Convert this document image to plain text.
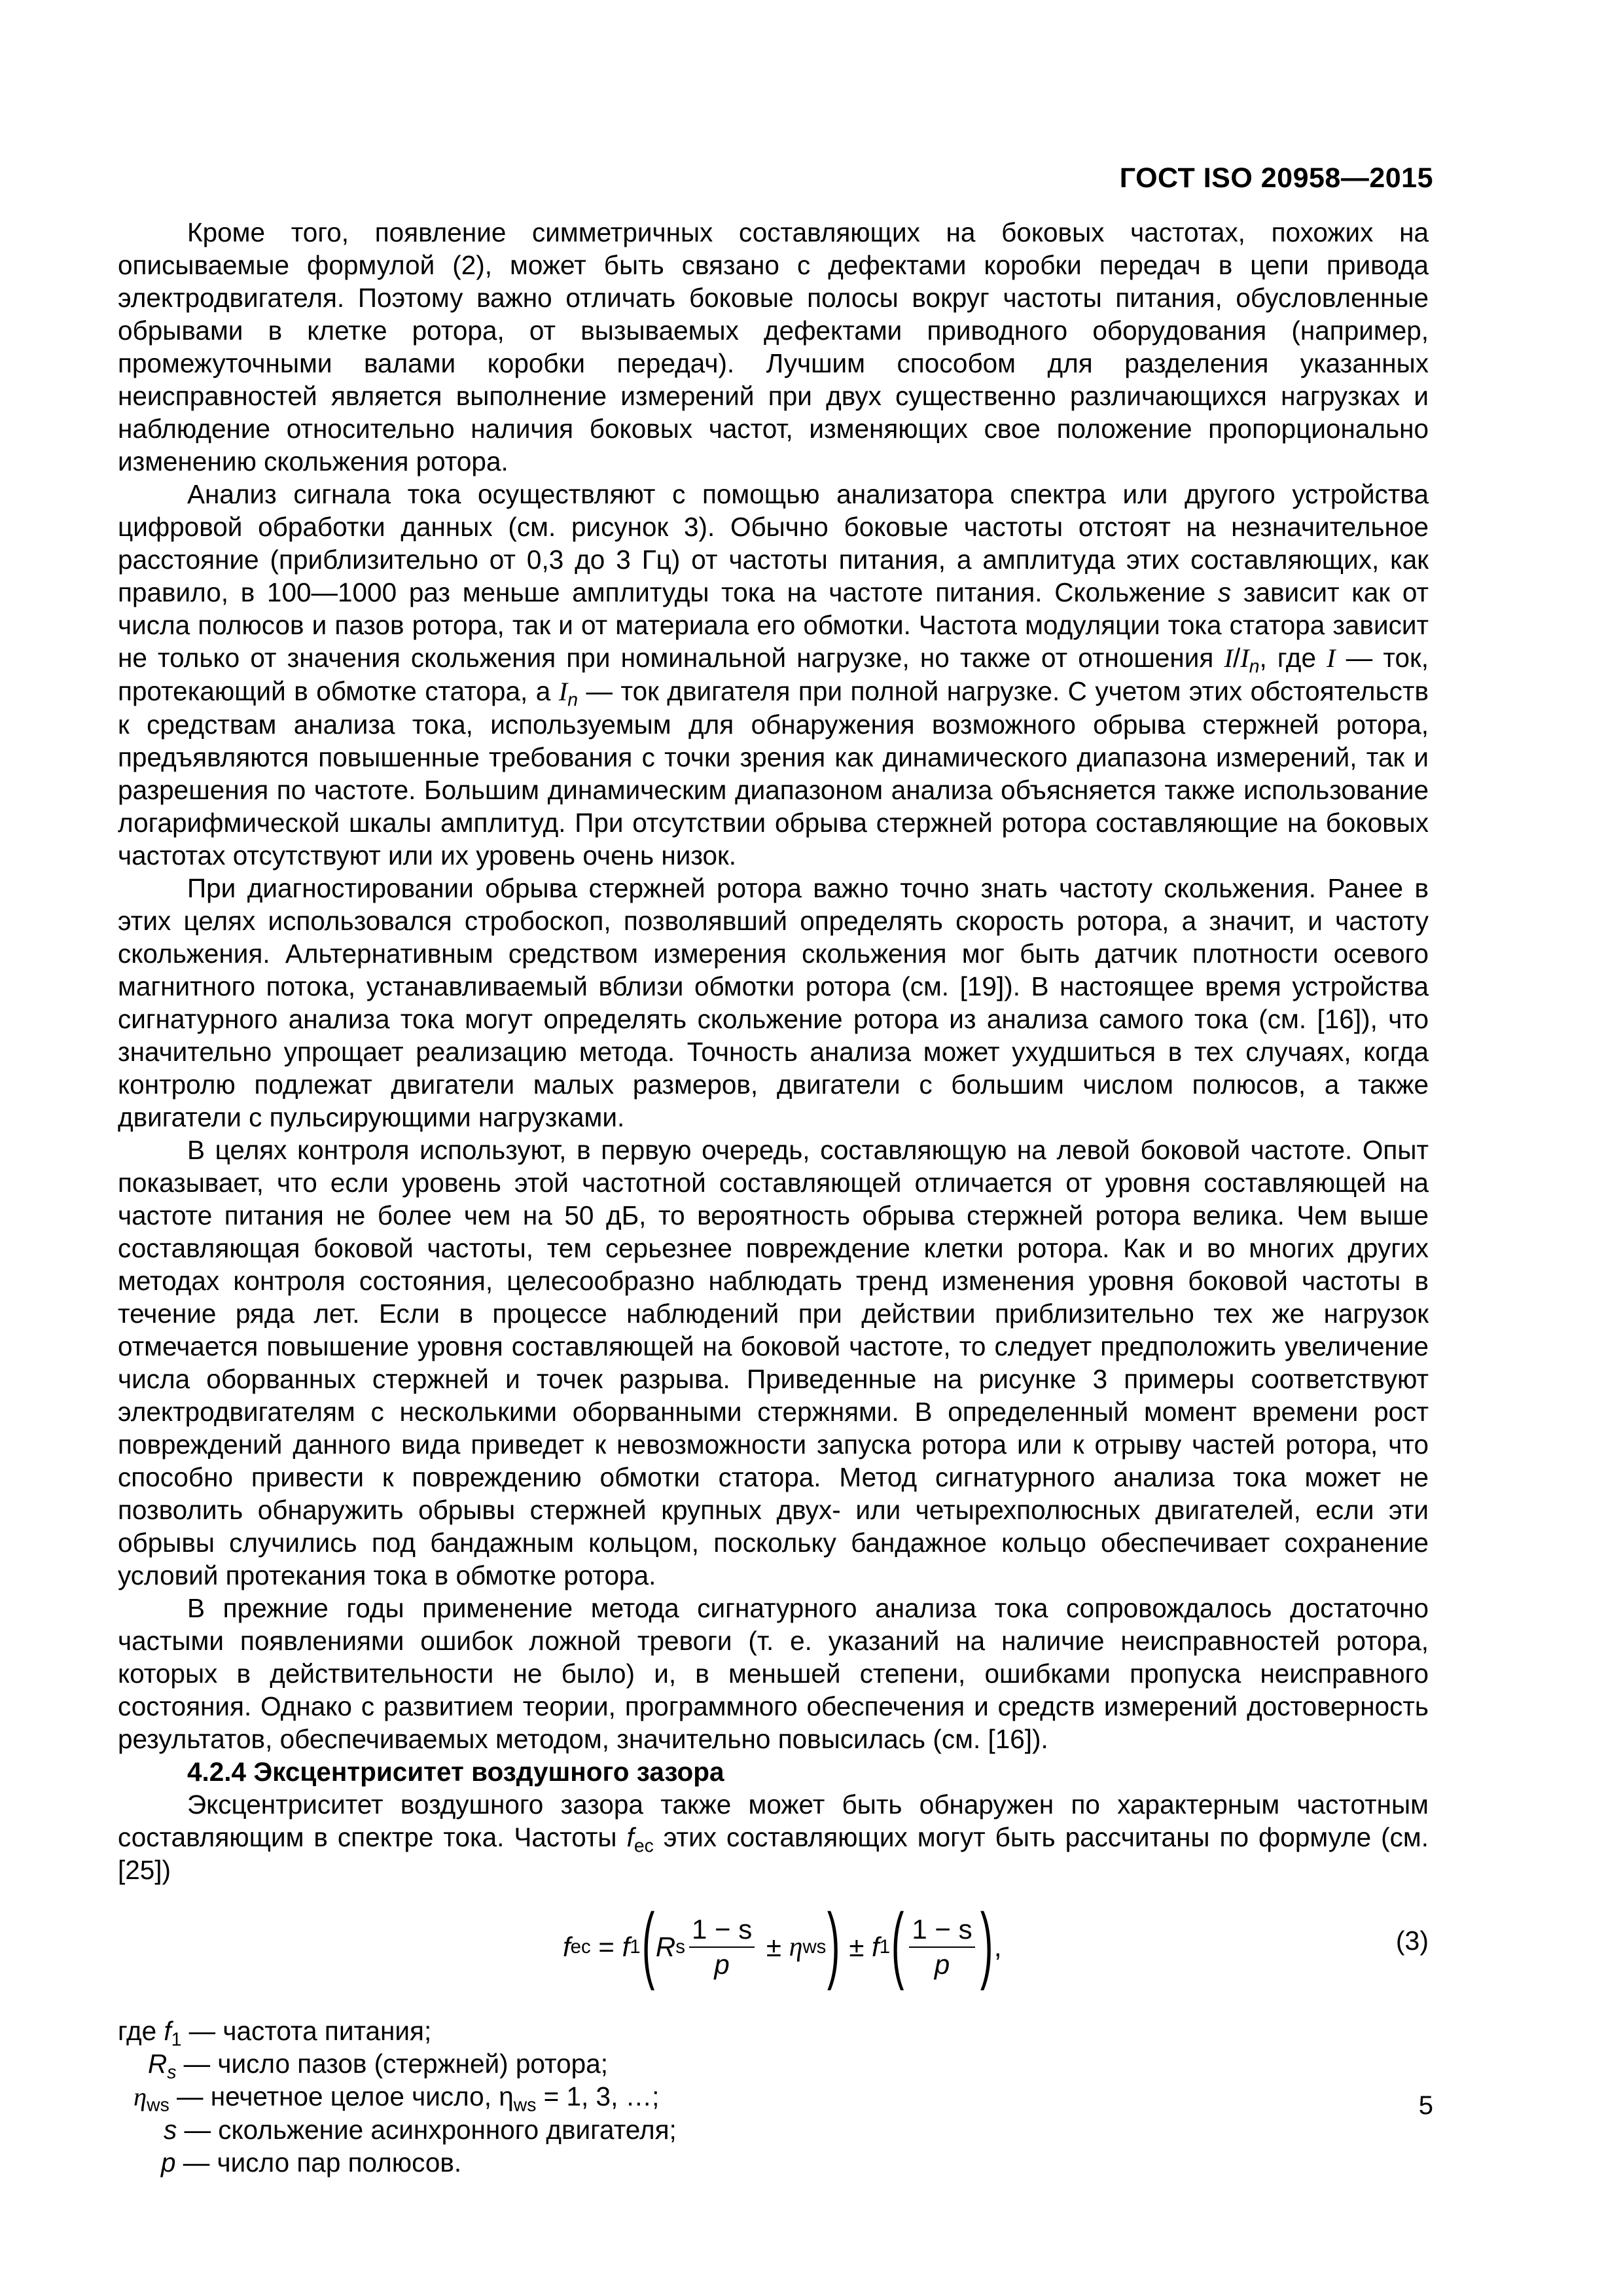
ГОСТ ISO 20958—2015

Кроме того, появление симметричных составляющих на боковых частотах, похожих на описываемые формулой (2), может быть связано с дефектами коробки передач в цепи привода электродвигателя. Поэтому важно отличать боковые полосы вокруг частоты питания, обусловленные обрывами в клетке ротора, от вызываемых дефектами приводного оборудования (например, промежуточными валами коробки передач). Лучшим способом для разделения указанных неисправностей является выполнение измерений при двух существенно различающихся нагрузках и наблюдение относительно наличия боковых частот, изменяющих свое положение пропорционально изменению скольжения ротора.

Анализ сигнала тока осуществляют с помощью анализатора спектра или другого устройства цифровой обработки данных (см. рисунок 3). Обычно боковые частоты отстоят на незначительное расстояние (приблизительно от 0,3 до 3 Гц) от частоты питания, а амплитуда этих составляющих, как правило, в 100—1000 раз меньше амплитуды тока на частоте питания. Скольжение s зависит как от числа полюсов и пазов ротора, так и от материала его обмотки. Частота модуляции тока статора зависит не только от значения скольжения при номинальной нагрузке, но также от отношения $I/I_n$, где I — ток, протекающий в обмотке статора, а $I_n$ — ток двигателя при полной нагрузке. С учетом этих обстоятельств к средствам анализа тока, используемым для обнаружения возможного обрыва стержней ротора, предъявляются повышенные требования с точки зрения как динамического диапазона измерений, так и разрешения по частоте. Большим динамическим диапазоном анализа объясняется также использование логарифмической шкалы амплитуд. При отсутствии обрыва стержней ротора составляющие на боковых частотах отсутствуют или их уровень очень низок.

При диагностировании обрыва стержней ротора важно точно знать частоту скольжения. Ранее в этих целях использовался стробоскоп, позволявший определять скорость ротора, а значит, и частоту скольжения. Альтернативным средством измерения скольжения мог быть датчик плотности осевого магнитного потока, устанавливаемый вблизи обмотки ротора (см. [19]). В настоящее время устройства сигнатурного анализа тока могут определять скольжение ротора из анализа самого тока (см. [16]), что значительно упрощает реализацию метода. Точность анализа может ухудшиться в тех случаях, когда контролю подлежат двигатели малых размеров, двигатели с большим числом полюсов, а также двигатели с пульсирующими нагрузками.

В целях контроля используют, в первую очередь, составляющую на левой боковой частоте. Опыт показывает, что если уровень этой частотной составляющей отличается от уровня составляющей на частоте питания не более чем на 50 дБ, то вероятность обрыва стержней ротора велика. Чем выше составляющая боковой частоты, тем серьезнее повреждение клетки ротора. Как и во многих других методах контроля состояния, целесообразно наблюдать тренд изменения уровня боковой частоты в течение ряда лет. Если в процессе наблюдений при действии приблизительно тех же нагрузок отмечается повышение уровня составляющей на боковой частоте, то следует предположить увеличение числа оборванных стержней и точек разрыва. Приведенные на рисунке 3 примеры соответствуют электродвигателям с несколькими оборванными стержнями. В определенный момент времени рост повреждений данного вида приведет к невозможности запуска ротора или к отрыву частей ротора, что способно привести к повреждению обмотки статора. Метод сигнатурного анализа тока может не позволить обнаружить обрывы стержней крупных двух- или четырехполюсных двигателей, если эти обрывы случились под бандажным кольцом, поскольку бандажное кольцо обеспечивает сохранение условий протекания тока в обмотке ротора.

В прежние годы применение метода сигнатурного анализа тока сопровождалось достаточно частыми появлениями ошибок ложной тревоги (т. е. указаний на наличие неисправностей ротора, которых в действительности не было) и, в меньшей степени, ошибками пропуска неисправного состояния. Однако с развитием теории, программного обеспечения и средств измерений достоверность результатов, обеспечиваемых методом, значительно повысилась (см. [16]).

4.2.4 Эксцентриситет воздушного зазора

Эксцентриситет воздушного зазора также может быть обнаружен по характерным частотным составляющим в спектре тока. Частоты $f_{ec}$ этих составляющих могут быть рассчитаны по формуле (см. [25])

f ec = f 1 ( R s $\frac{1 - s}{p} \pm \eta$ ws ) ± f 1 ( $\frac{1 - s}{p}$ ) ,	(3)
где $f_1$ — частота питания;
$R_s$ — число пазов (стержней) ротора;
$\eta_{ws}$ — нечетное целое число, $\eta_{ws} = 1$, 3, …;
s — скольжение асинхронного двигателя;
p — число пар полюсов.
5
